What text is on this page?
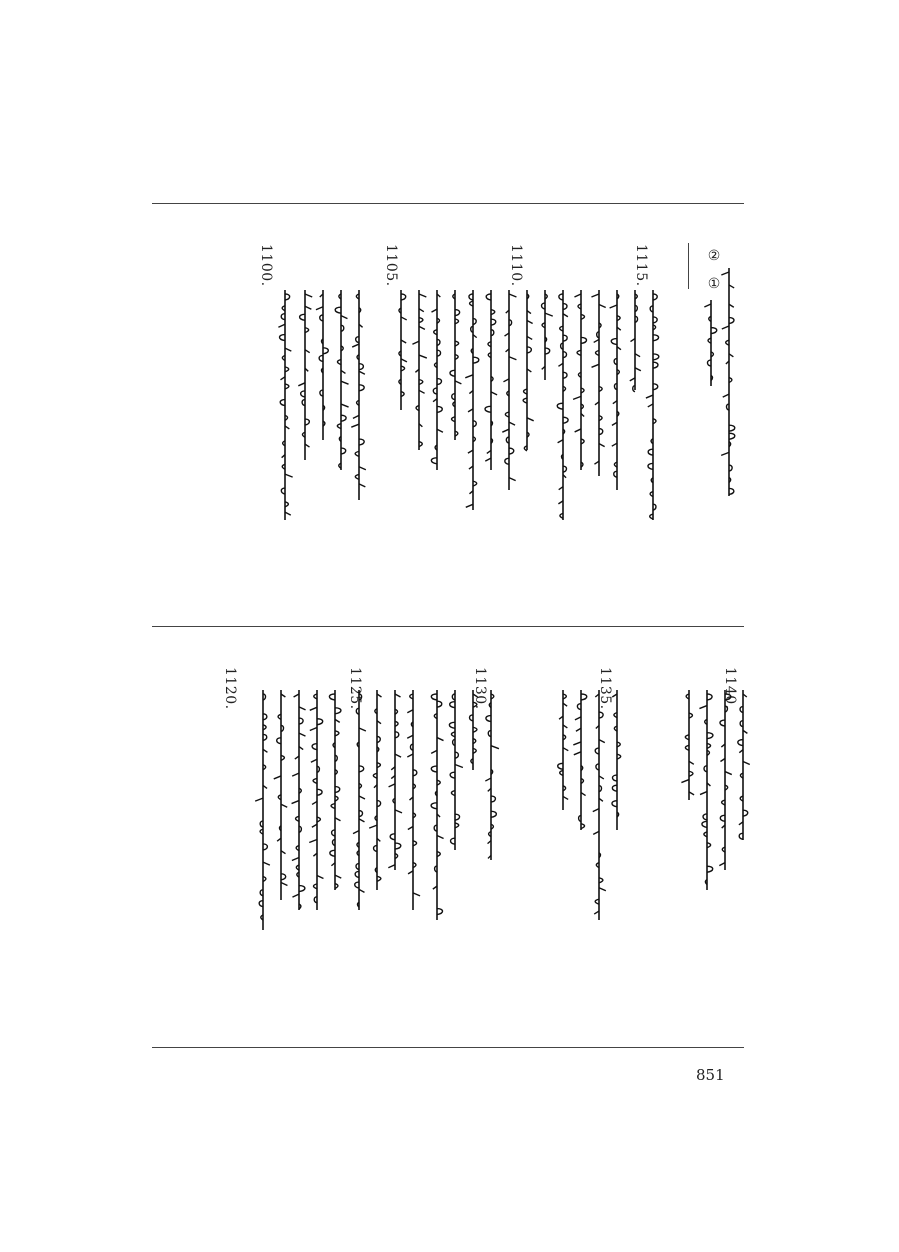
②
①
1115.
1110.
1105.
1100.
1140.
1135.
1130.
1125.
1120.
851
